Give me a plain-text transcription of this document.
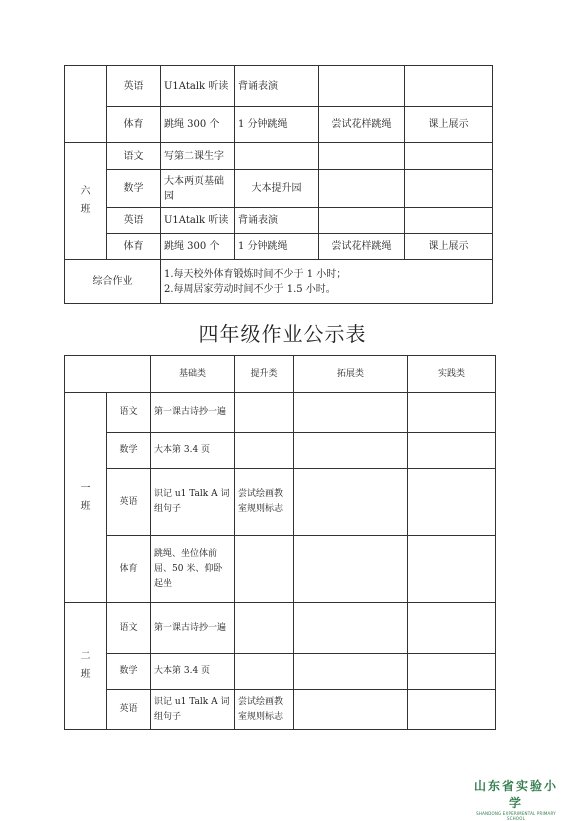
	英语	U1Atalk 听读	背诵表演		
	体育	跳绳 300 个	1 分钟跳绳	尝试花样跳绳	课上展示

六
班	语文	写第二课生字			
	数学	大本两页基础园	大本提升园		
	英语	U1Atalk 听读	背诵表演		
	体育	跳绳 300 个	1 分钟跳绳	尝试花样跳绳	课上展示
综合作业		1.每天校外体育锻炼时间不少于 1 小时；
2.每周居家劳动时间不少于 1.5 小时。			
四年级作业公示表
		基础类	提升类	拓展类	实践类

一
班	语文	第一课古诗抄一遍			
	数学	大本第 3.4 页			
	英语	识记 u1 Talk A 词组句子	尝试绘画教室规则标志		
	体育	跳绳、坐位体前屈、50 米、仰卧起坐			

二
班	语文	第一课古诗抄一遍			
	数学	大本第 3.4 页			
	英语	识记 u1 Talk A 词组句子	尝试绘画教室规则标志		
山东省实验小学
SHANDONG EXPERIMENTAL PRIMARY SCHOOL
